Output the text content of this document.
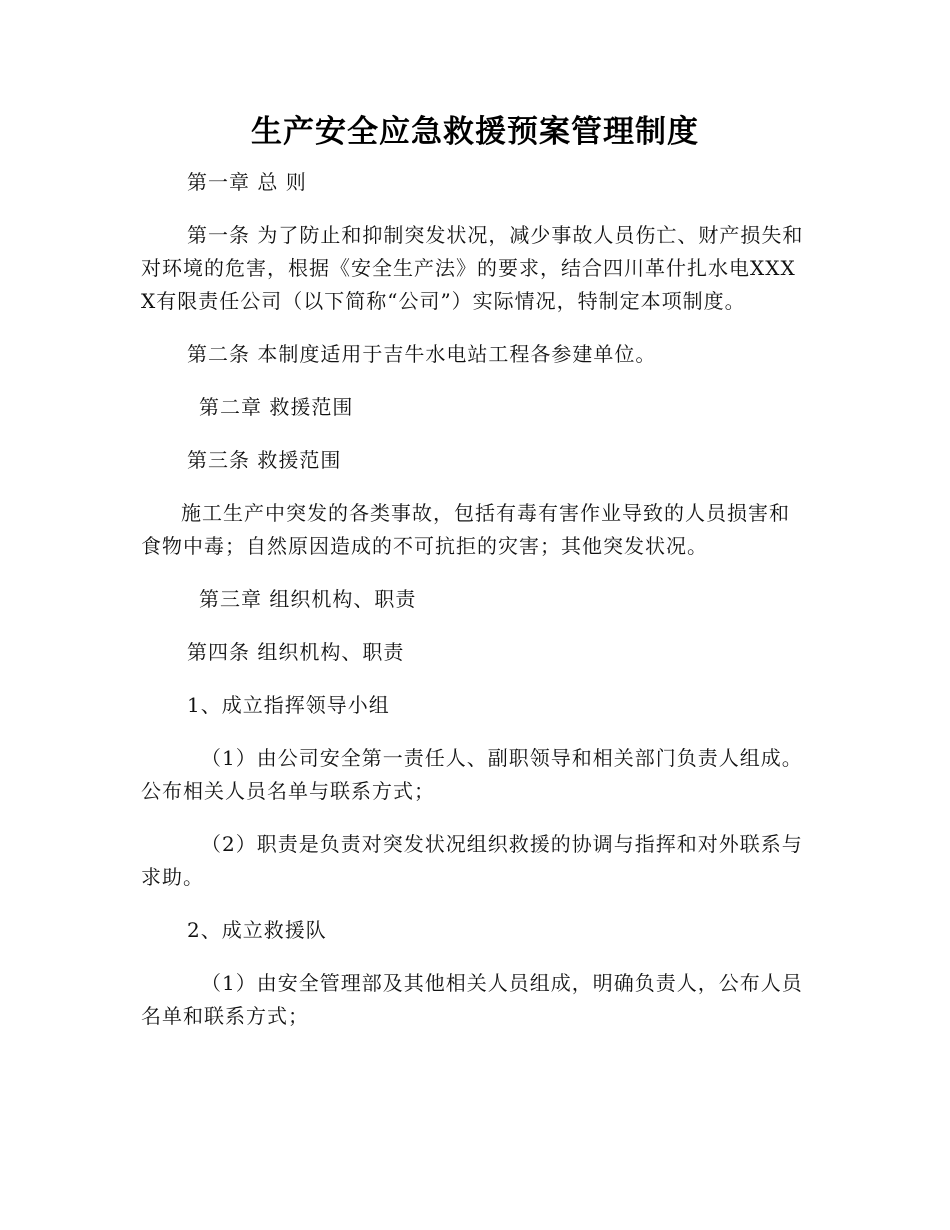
生产安全应急救援预案管理制度

第一章 总 则

第一条 为了防止和抑制突发状况，减少事故人员伤亡、财产损失和对环境的危害，根据《安全生产法》的要求，结合四川革什扎水电XXXX有限责任公司（以下简称“公司”）实际情况，特制定本项制度。

第二条 本制度适用于吉牛水电站工程各参建单位。

第二章 救援范围

第三条 救援范围

施工生产中突发的各类事故，包括有毒有害作业导致的人员损害和食物中毒；自然原因造成的不可抗拒的灾害；其他突发状况。

第三章 组织机构、职责

第四条 组织机构、职责

1、成立指挥领导小组

（1）由公司安全第一责任人、副职领导和相关部门负责人组成。公布相关人员名单与联系方式；

（2）职责是负责对突发状况组织救援的协调与指挥和对外联系与求助。

2、成立救援队

（1）由安全管理部及其他相关人员组成，明确负责人，公布人员名单和联系方式；
